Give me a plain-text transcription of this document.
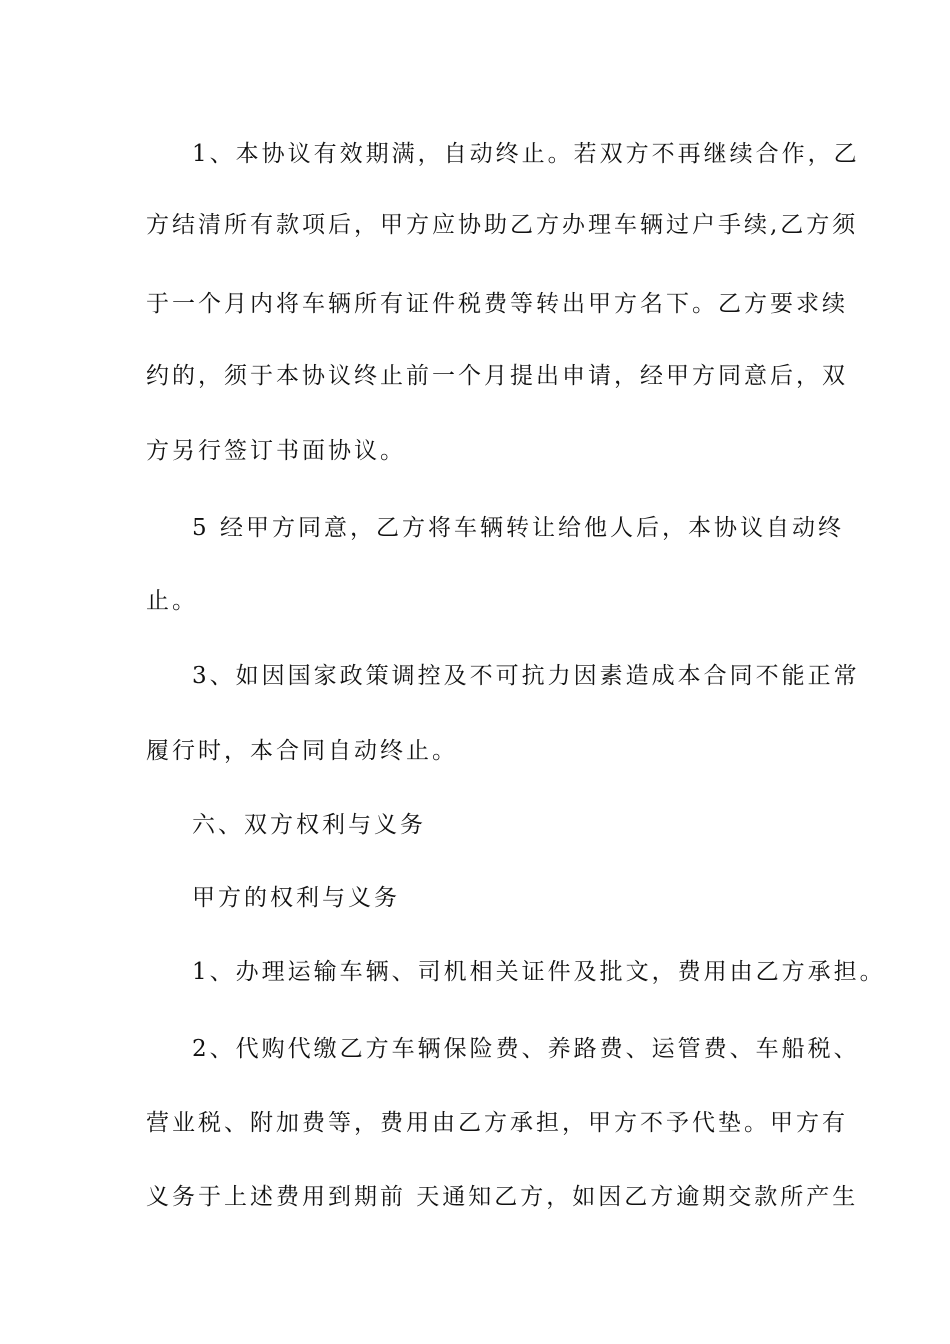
1、本协议有效期满，自动终止。若双方不再继续合作，乙
方结清所有款项后，甲方应协助乙方办理车辆过户手续,乙方须
于一个月内将车辆所有证件税费等转出甲方名下。乙方要求续
约的，须于本协议终止前一个月提出申请，经甲方同意后，双
方另行签订书面协议。
5 经甲方同意，乙方将车辆转让给他人后，本协议自动终
止。
3、如因国家政策调控及不可抗力因素造成本合同不能正常
履行时，本合同自动终止。
六、双方权利与义务
甲方的权利与义务
1、办理运输车辆、司机相关证件及批文，费用由乙方承担。
2、代购代缴乙方车辆保险费、养路费、运管费、车船税、
营业税、附加费等，费用由乙方承担，甲方不予代垫。甲方有
义务于上述费用到期前 天通知乙方，如因乙方逾期交款所产生
